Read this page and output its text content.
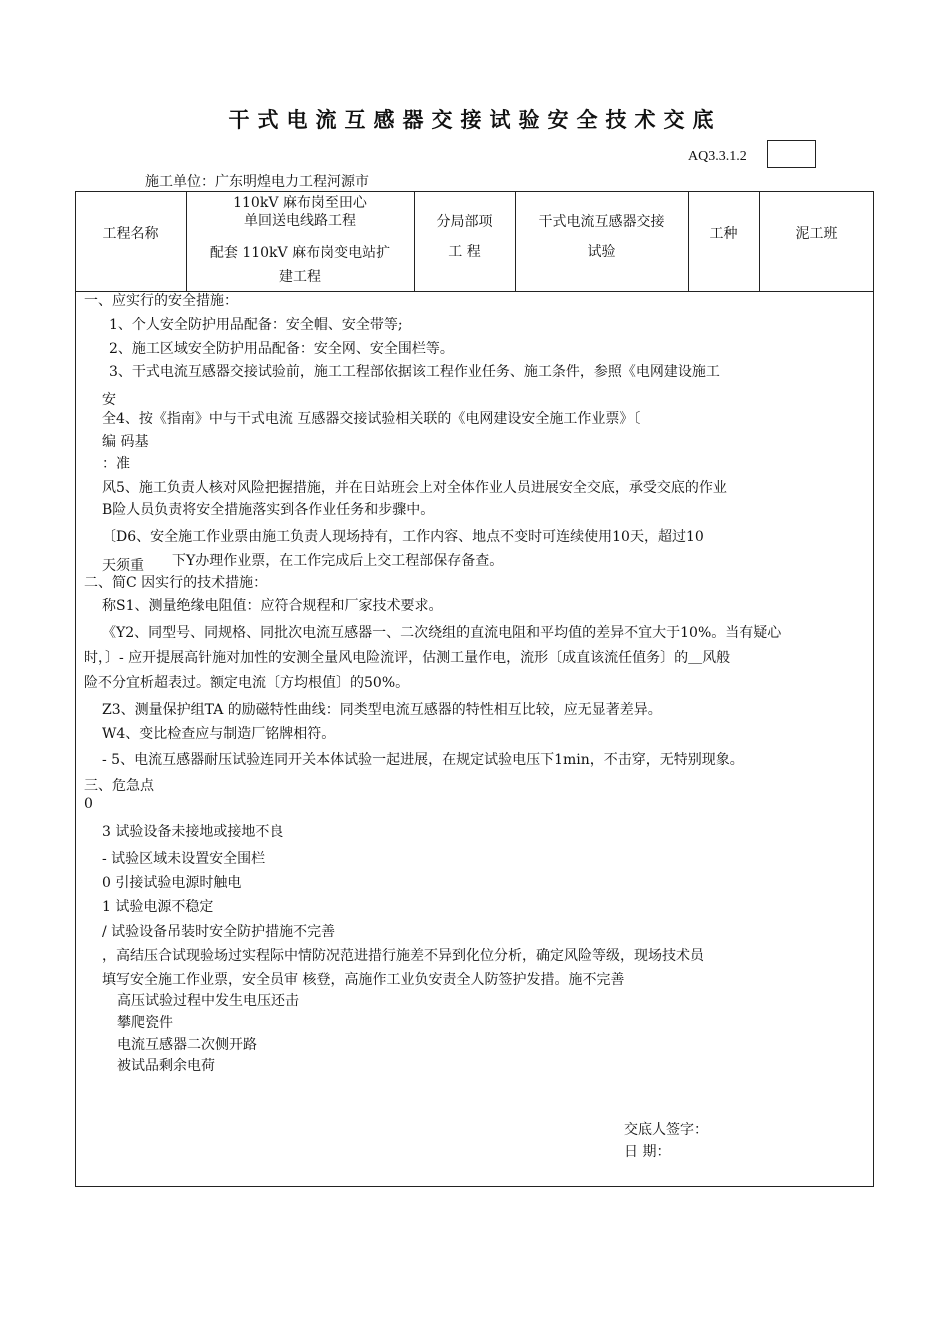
干式电流互感器交接试验安全技术交底
AQ3.3.1.2
施工单位：广东明煌电力工程河源市
工程名称
110kV 麻布岗至田心
单回送电线路工程
配套 110kV 麻布岗变电站扩
建工程
分局部项
工 程
干式电流互感器交接
试验
工种	泥工班
一、应实行的安全措施：
1、个人安全防护用品配备：安全帽、安全带等;
2、施工区域安全防护用品配备：安全网、安全围栏等。
3、干式电流互感器交接试验前，施工工程部依据该工程作业任务、施工条件，参照《电网建设施工
安
全4、按《指南》中与干式电流 互感器交接试验相关联的《电网建设安全施工作业票》〔
编 码基
：准
风5、施工负责人核对风险把握措施，并在日站班会上对全体作业人员进展安全交底，承受交底的作业
B险人员负责将安全措施落实到各作业任务和步骤中。
〔D6、安全施工作业票由施工负责人现场持有，工作内容、地点不变时可连续使用10天，超过10
天须重 下Y办理作业票，在工作完成后上交工程部保存备查。
二、简C 因实行的技术措施：
称S1、测量绝缘电阻值：应符合规程和厂家技术要求。
《Y2、同型号、同规格、同批次电流互感器一、二次绕组的直流电阻和平均值的差异不宜大于10%。当有疑心
时，〕- 应开提展高针施对加性的安测全量风电险流评，估测工量作电，流形〔成直该流任值务〕的＿风般
险不分宜析超表过。额定电流〔方均根值〕的50%。
Z3、测量保护组TA 的励磁特性曲线：同类型电流互感器的特性相互比较，应无显著差异。
W4、变比检查应与制造厂铭牌相符。
- 5、电流互感器耐压试验连同开关本体试验一起进展，在规定试验电压下1min，不击穿，无特别现象。
三、危急点
0
3 试验设备未接地或接地不良
- 试验区域未设置安全围栏
0 引接试验电源时触电
1 试验电源不稳定
/ 试验设备吊装时安全防护措施不完善
，高结压合试现验场过实程际中情防况范进措行施差不异到化位分析，确定风险等级，现场技术员
填写安全施工作业票，安全员审 核登，高施作工业负安责全人防签护发措。施不完善
高压试验过程中发生电压还击
攀爬瓷件
电流互感器二次侧开路
被试品剩余电荷
交底人签字：
日 期：
